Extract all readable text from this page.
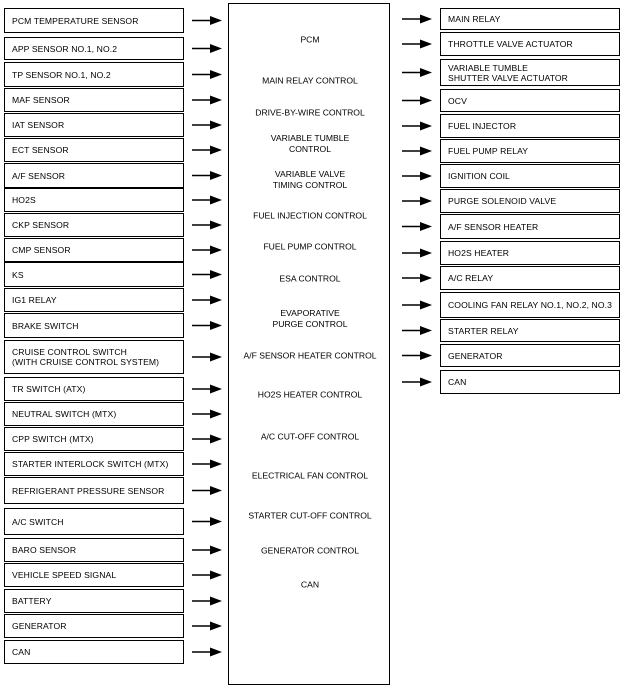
PCM TEMPERATURE SENSOR
APP SENSOR NO.1, NO.2
TP SENSOR NO.1, NO.2
MAF SENSOR
IAT SENSOR
ECT SENSOR
A/F SENSOR
HO2S
CKP SENSOR
CMP SENSOR
KS
IG1 RELAY
BRAKE SWITCH
CRUISE CONTROL SWITCH
(WITH CRUISE CONTROL SYSTEM)
TR SWITCH (ATX)
NEUTRAL SWITCH (MTX)
CPP SWITCH (MTX)
STARTER INTERLOCK SWITCH (MTX)
REFRIGERANT PRESSURE SENSOR
A/C SWITCH
BARO SENSOR
VEHICLE SPEED SIGNAL
BATTERY
GENERATOR
CAN
PCM
MAIN RELAY CONTROL
DRIVE-BY-WIRE CONTROL
VARIABLE TUMBLE
CONTROL
VARIABLE VALVE
TIMING CONTROL
FUEL INJECTION CONTROL
FUEL PUMP CONTROL
ESA CONTROL
EVAPORATIVE
PURGE CONTROL
A/F SENSOR HEATER CONTROL
HO2S HEATER CONTROL
A/C CUT-OFF CONTROL
ELECTRICAL FAN CONTROL
STARTER CUT-OFF CONTROL
GENERATOR CONTROL
CAN
MAIN RELAY
THROTTLE VALVE ACTUATOR
VARIABLE TUMBLE
SHUTTER VALVE ACTUATOR
OCV
FUEL INJECTOR
FUEL PUMP RELAY
IGNITION COIL
PURGE SOLENOID VALVE
A/F SENSOR HEATER
HO2S HEATER
A/C RELAY
COOLING FAN RELAY NO.1, NO.2, NO.3
STARTER RELAY
GENERATOR
CAN
